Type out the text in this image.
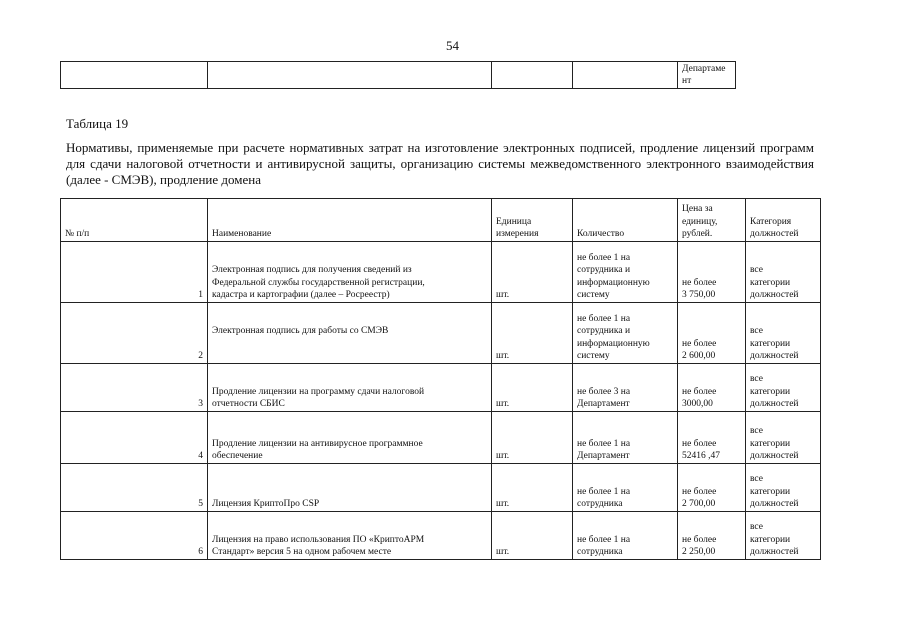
54
				Департаме
нт
Таблица 19
Нормативы, применяемые при расчете нормативных затрат на изготовление электронных подписей, продление лицензий программ для сдачи налоговой отчетности и антивирусной защиты, организацию системы межведомственного электронного взаимодействия (далее - СМЭВ), продление домена
№ п/п	Наименование	Единица
измерения	Количество	Цена за
единицу,
рублей.	Категория
должностей
1	Электронная подпись для получения сведений из
Федеральной службы государственной регистрации,
кадастра и картографии (далее – Росреестр)	шт.	не более 1 на
сотрудника и
информационную
систему	не более
3 750,00	все
категории
должностей
2	Электронная подпись для работы со СМЭВ	шт.	не более 1 на
сотрудника и
информационную
систему	не более
2 600,00	все
категории
должностей
3	Продление лицензии на программу сдачи налоговой
отчетности СБИС	шт.	не более 3 на
Департамент	не более
3000,00	все
категории
должностей
4	Продление лицензии на антивирусное программное
обеспечение	шт.	не более 1 на
Департамент	не более
52416 ,47	все
категории
должностей
5	Лицензия КриптоПро CSP	шт.	не более 1 на
сотрудника	не более
2 700,00	все
категории
должностей
6	Лицензия на право использования ПО «КриптоАРМ
Стандарт» версия 5 на одном рабочем месте	шт.	не более 1 на
сотрудника	не более
2 250,00	все
категории
должностей
